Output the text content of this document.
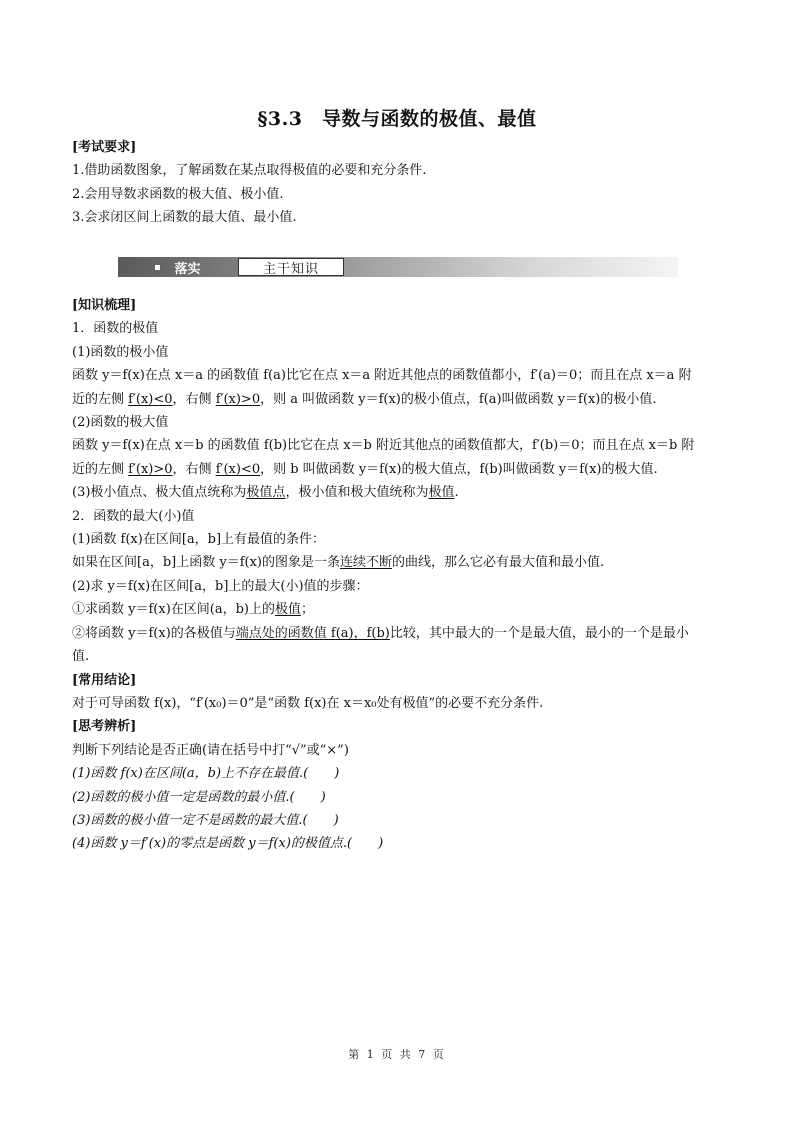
§3.3　导数与函数的极值、最值
[考试要求]
1.借助函数图象，了解函数在某点取得极值的必要和充分条件.
2.会用导数求函数的极大值、极小值.
3.会求闭区间上函数的最大值、最小值.
落实	主干知识
[知识梳理]
1．函数的极值
(1)函数的极小值
函数 y＝f(x)在点 x＝a 的函数值 f(a)比它在点 x＝a 附近其他点的函数值都小，f′(a)＝0；而且在点 x＝a 附
近的左侧 f′(x)<0，右侧 f′(x)>0，则 a 叫做函数 y＝f(x)的极小值点，f(a)叫做函数 y＝f(x)的极小值.
(2)函数的极大值
函数 y＝f(x)在点 x＝b 的函数值 f(b)比它在点 x＝b 附近其他点的函数值都大，f′(b)＝0；而且在点 x＝b 附
近的左侧 f′(x)>0，右侧 f′(x)<0，则 b 叫做函数 y＝f(x)的极大值点，f(b)叫做函数 y＝f(x)的极大值.
(3)极小值点、极大值点统称为极值点，极小值和极大值统称为极值.
2．函数的最大(小)值
(1)函数 f(x)在区间[a，b]上有最值的条件：
如果在区间[a，b]上函数 y＝f(x)的图象是一条连续不断的曲线，那么它必有最大值和最小值.
(2)求 y＝f(x)在区间[a，b]上的最大(小)值的步骤：
①求函数 y＝f(x)在区间(a，b)上的极值；
②将函数 y＝f(x)的各极值与端点处的函数值 f(a)，f(b)比较，其中最大的一个是最大值，最小的一个是最小
值.
[常用结论]
对于可导函数 f(x)，“f′(x₀)＝0”是“函数 f(x)在 x＝x₀处有极值”的必要不充分条件.
[思考辨析]
判断下列结论是否正确(请在括号中打“√”或“×”)
(1)函数 f(x)在区间(a，b)上不存在最值.(　　)
(2)函数的极小值一定是函数的最小值.(　　)
(3)函数的极小值一定不是函数的最大值.(　　)
(4)函数 y＝f′(x)的零点是函数 y＝f(x)的极值点.(　　)
第 1 页 共 7 页
